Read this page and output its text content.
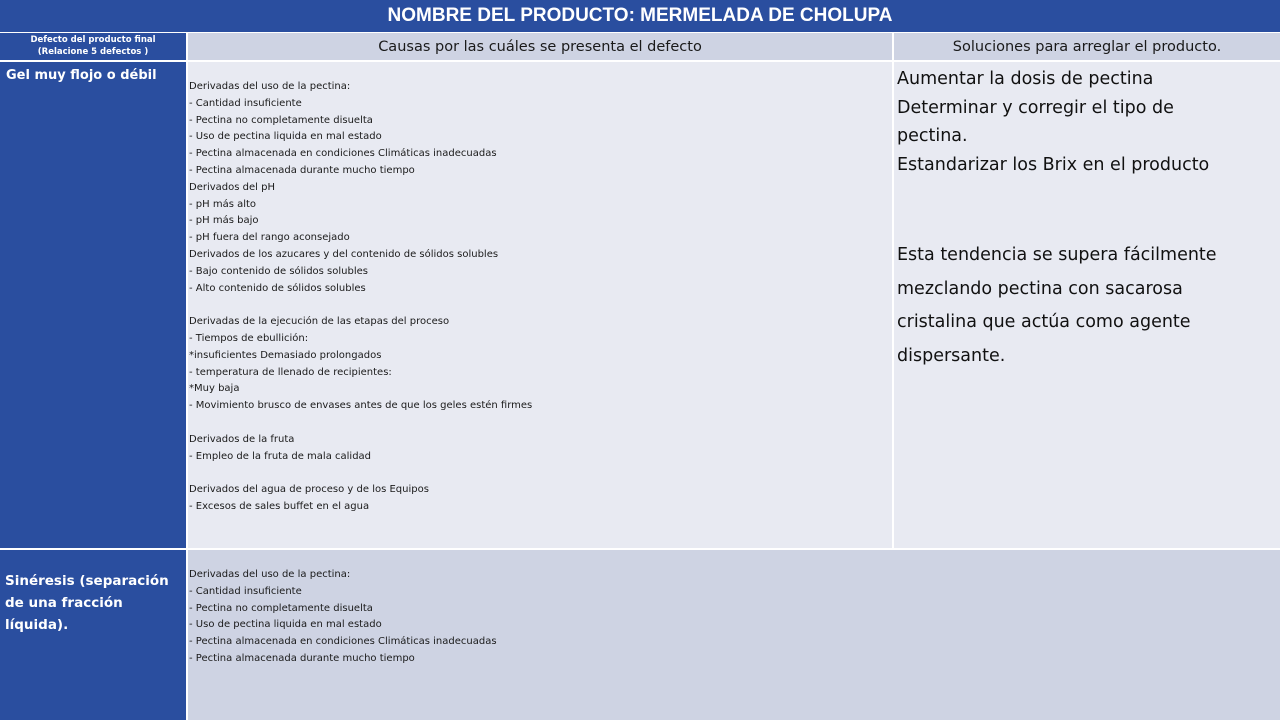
NOMBRE DEL PRODUCTO: MERMELADA DE CHOLUPA
Defecto del producto final
(Relacione 5 defectos )	Causas por las cuáles se presenta el defecto	Soluciones para arreglar el producto.
Gel muy flojo o débil
Derivadas del uso de la pectina:
- Cantidad insuficiente
- Pectina no completamente disuelta
- Uso de pectina liquida en mal estado
- Pectina almacenada en condiciones Climáticas inadecuadas
- Pectina almacenada durante mucho tiempo
Derivados del pH
- pH más alto
- pH más bajo
- pH fuera del rango aconsejado
Derivados de los azucares y del contenido de sólidos solubles
- Bajo contenido de sólidos solubles
- Alto contenido de sólidos solubles
Derivadas de la ejecución de las etapas del proceso
- Tiempos de ebullición:
*insuficientes Demasiado prolongados
- temperatura de llenado de recipientes:
*Muy baja
- Movimiento brusco de envases antes de que los geles estén firmes
Derivados de la fruta
- Empleo de la fruta de mala calidad
Derivados del agua de proceso y de los Equipos
- Excesos de sales buffet en el agua
Aumentar la dosis de pectina
Determinar y corregir el tipo de
pectina.
Estandarizar los Brix en el producto
Esta tendencia se supera fácilmente
mezclando pectina con sacarosa
cristalina que actúa como agente
dispersante.
Sinéresis (separación
de una fracción
líquida).
Derivadas del uso de la pectina:
- Cantidad insuficiente
- Pectina no completamente disuelta
- Uso de pectina liquida en mal estado
- Pectina almacenada en condiciones Climáticas inadecuadas
- Pectina almacenada durante mucho tiempo
